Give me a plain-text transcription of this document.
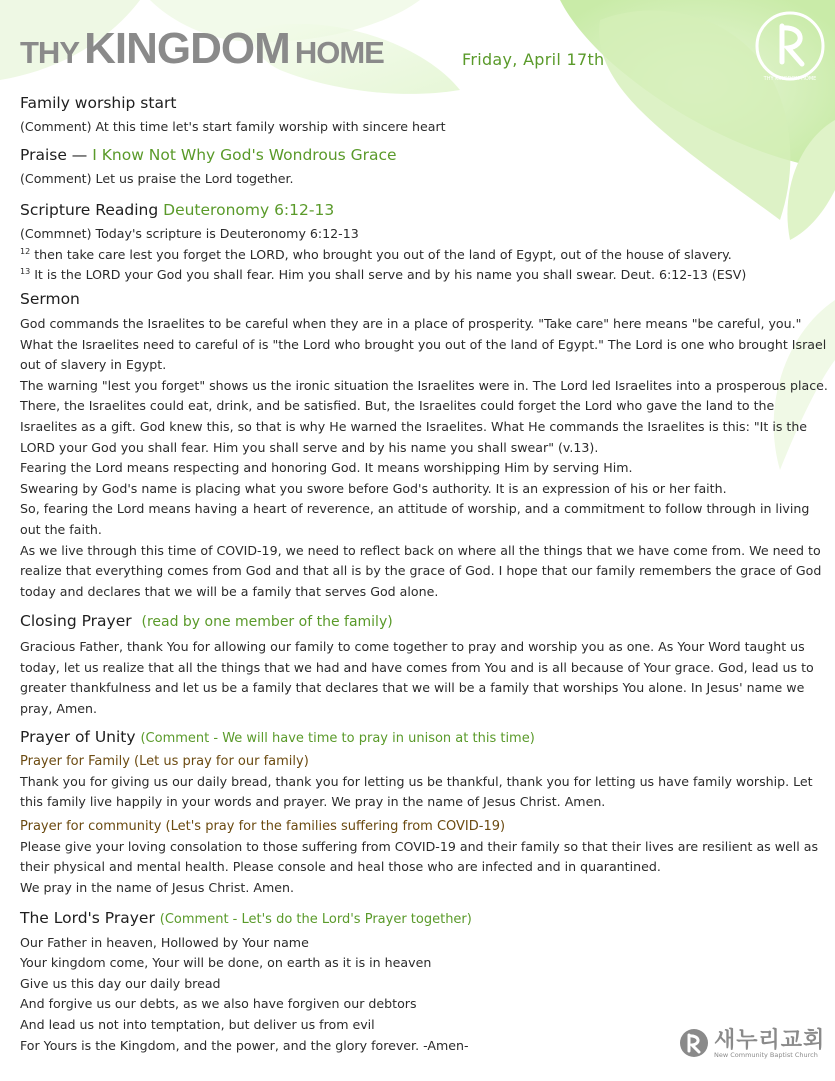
THY KINGDOM HOME	Friday, April 17th
THY KINGDOM HOME

Family worship start

(Comment) At this time let's start family worship with sincere heart

Praise — I Know Not Why God's Wondrous Grace

(Comment) Let us praise the Lord together.

Scripture Reading Deuteronomy 6:12-13

(Commnet) Today's scripture is Deuteronomy 6:12-13

$^{12}$ then take care lest you forget the LORD, who brought you out of the land of Egypt, out of the house of slavery.

$^{13}$ It is the LORD your God you shall fear. Him you shall serve and by his name you shall swear. Deut. 6:12-13 (ESV)

Sermon

God commands the Israelites to be careful when they are in a place of prosperity. "Take care" here means "be careful, you." What the Israelites need to careful of is "the Lord who brought you out of the land of Egypt." The Lord is one who brought Israel out of slavery in Egypt.

The warning "lest you forget" shows us the ironic situation the Israelites were in. The Lord led Israelites into a prosperous place. There, the Israelites could eat, drink, and be satisfied. But, the Israelites could forget the Lord who gave the land to the Israelites as a gift. God knew this, so that is why He warned the Israelites. What He commands the Israelites is this: "It is the LORD your God you shall fear. Him you shall serve and by his name you shall swear" (v.13).

Fearing the Lord means respecting and honoring God. It means worshipping Him by serving Him.

Swearing by God's name is placing what you swore before God's authority. It is an expression of his or her faith.

So, fearing the Lord means having a heart of reverence, an attitude of worship, and a commitment to follow through in living out the faith.

As we live through this time of COVID-19, we need to reflect back on where all the things that we have come from. We need to realize that everything comes from God and that all is by the grace of God. I hope that our family remembers the grace of God today and declares that we will be a family that serves God alone.

Closing Prayer (read by one member of the family)

Gracious Father, thank You for allowing our family to come together to pray and worship you as one. As Your Word taught us today, let us realize that all the things that we had and have comes from You and is all because of Your grace. God, lead us to greater thankfulness and let us be a family that declares that we will be a family that worships You alone. In Jesus' name we pray, Amen.

Prayer of Unity (Comment - We will have time to pray in unison at this time)

Prayer for Family (Let us pray for our family)

Thank you for giving us our daily bread, thank you for letting us be thankful, thank you for letting us have family worship. Let this family live happily in your words and prayer. We pray in the name of Jesus Christ. Amen.

Prayer for community (Let's pray for the families suffering from COVID-19)

Please give your loving consolation to those suffering from COVID-19 and their family so that their lives are resilient as well as their physical and mental health. Please console and heal those who are infected and in quarantined.

We pray in the name of Jesus Christ. Amen.

The Lord's Prayer (Comment - Let's do the Lord's Prayer together)

Our Father in heaven, Hollowed by Your name

Your kingdom come, Your will be done, on earth as it is in heaven

Give us this day our daily bread

And forgive us our debts, as we also have forgiven our debtors

And lead us not into temptation, but deliver us from evil

For Yours is the Kingdom, and the power, and the glory forever. -Amen-	새누리교회
New Community Baptist Church
